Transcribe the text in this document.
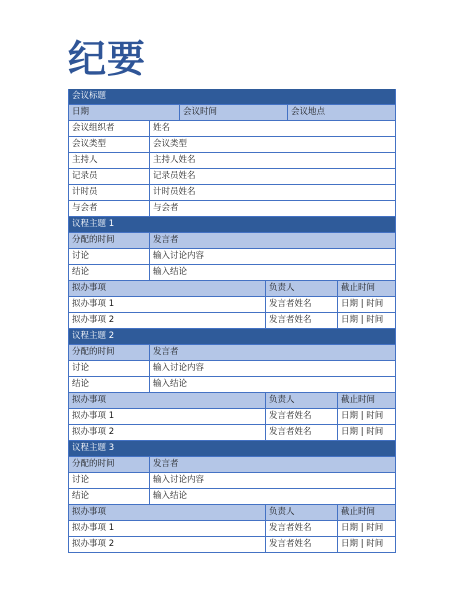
纪要
会议标题
日期	会议时间	会议地点
会议组织者	姓名
会议类型	会议类型
主持人	主持人姓名
记录员	记录员姓名
计时员	计时员姓名
与会者	与会者
议程主题 1
分配的时间	发言者
讨论	输入讨论内容
结论	输入结论
拟办事项	负责人	截止时间
拟办事项 1	发言者姓名	日期 | 时间
拟办事项 2	发言者姓名	日期 | 时间
议程主题 2
分配的时间	发言者
讨论	输入讨论内容
结论	输入结论
拟办事项	负责人	截止时间
拟办事项 1	发言者姓名	日期 | 时间
拟办事项 2	发言者姓名	日期 | 时间
议程主题 3
分配的时间	发言者
讨论	输入讨论内容
结论	输入结论
拟办事项	负责人	截止时间
拟办事项 1	发言者姓名	日期 | 时间
拟办事项 2	发言者姓名	日期 | 时间
